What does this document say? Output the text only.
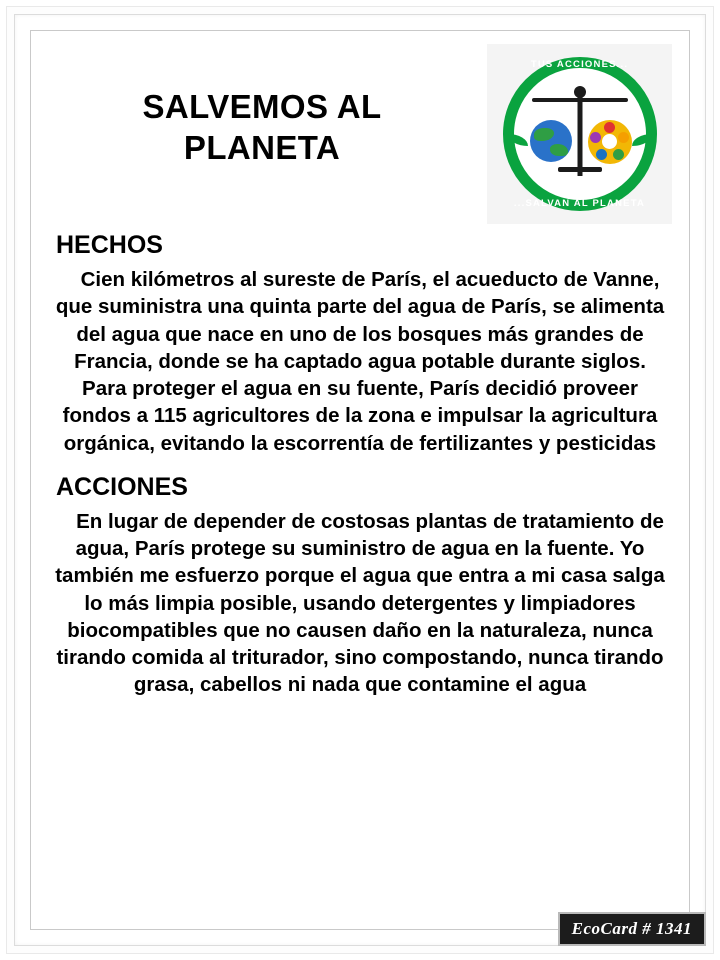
SALVEMOS AL PLANETA
TUS ACCIONES...
...SALVAN AL PLANETA
HECHOS
Cien kilómetros al sureste de París, el acueducto de Vanne, que suministra una quinta parte del agua de París, se alimenta del agua que nace en uno de los bosques más grandes de Francia, donde se ha captado agua potable durante siglos. Para proteger el agua en su fuente, París decidió proveer fondos a 115 agricultores de la zona e impulsar la agricultura orgánica, evitando la escorrentía de fertilizantes y pesticidas
ACCIONES
En lugar de depender de costosas plantas de tratamiento de agua, París protege su suministro de agua en la fuente. Yo también me esfuerzo porque el agua que entra a mi casa salga lo más limpia posible, usando detergentes y limpiadores biocompatibles que no causen daño en la naturaleza, nunca tirando comida al triturador, sino compostando, nunca tirando grasa, cabellos ni nada que contamine el agua
EcoCard # 1341
